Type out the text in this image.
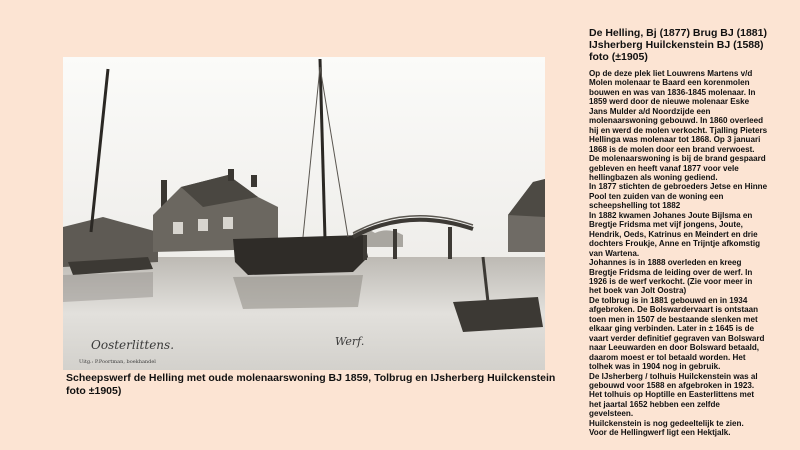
Oosterlittens.	Werf.
Uitg.: P.Poortman, boekhandel
Scheepswerf de Helling met oude molenaarswoning BJ 1859, Tolbrug en IJsherberg Huilckenstein
foto ±1905)
De Helling, Bj (1877) Brug BJ (1881)
IJsherberg Huilckenstein BJ (1588)
foto (±1905)
Op de deze plek liet Louwrens Martens v/d
Molen molenaar te Baard een korenmolen
bouwen en was van 1836-1845 molenaar. In
1859 werd door de nieuwe molenaar Eske
Jans Mulder a/d Noordzijde een
molenaarswoning gebouwd. In 1860 overleed
hij en werd de molen verkocht. Tjalling Pieters
Hellinga was molenaar tot 1868. Op 3 januari
1868 is de molen door een brand verwoest.
De molenaarswoning is bij de brand gespaard
gebleven en heeft vanaf 1877 voor vele
hellingbazen als woning gediend.
In 1877 stichten de gebroeders Jetse en Hinne
Pool ten zuiden van de woning een
scheepshelling tot 1882
In 1882 kwamen Johanes Joute Bijlsma en
Bregtje Fridsma met vijf jongens, Joute,
Hendrik, Oeds, Katrinus en Meindert en drie
dochters Froukje, Anne en Trijntje afkomstig
van Wartena.
Johannes is in 1888 overleden en kreeg
Bregtje Fridsma de leiding over de werf. In
1926 is de werf verkocht. (Zie voor meer in
het boek van Jolt Oostra)
De tolbrug is in 1881 gebouwd en in 1934
afgebroken. De Bolswardervaart is ontstaan
toen men in 1507 de bestaande slenken met
elkaar ging verbinden. Later in ± 1645 is de
vaart verder definitief gegraven van Bolsward
naar Leeuwarden en door Bolsward betaald,
daarom moest er tol betaald worden. Het
tolhek was in 1904 nog in gebruik.
De IJsherberg / tolhuis Huilckenstein was al
gebouwd voor 1588 en afgebroken in 1923.
Het tolhuis op Hoptille en Easterlittens met
het jaartal 1652 hebben een zelfde
gevelsteen.
Huilckenstein is nog gedeeltelijk te zien.
Voor de Hellingwerf ligt een Hektjalk.
